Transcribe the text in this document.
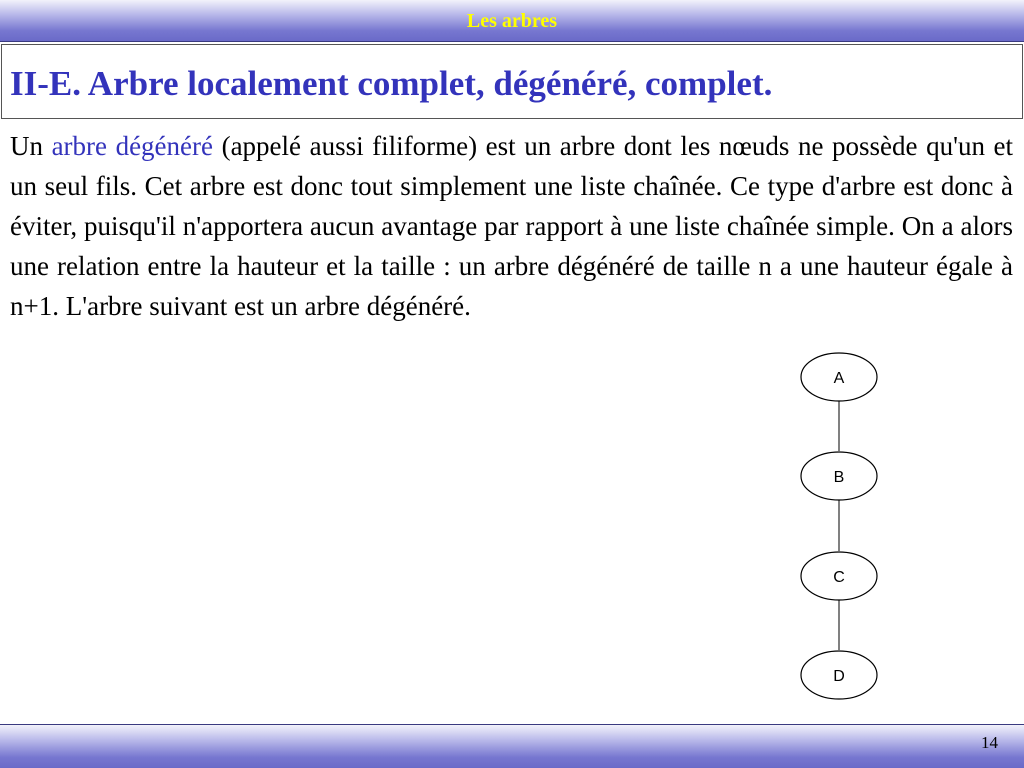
Les arbres
II-E. Arbre localement complet, dégénéré, complet.

Un arbre dégénéré (appelé aussi filiforme) est un arbre dont les nœuds ne possède qu'un et un seul fils. Cet arbre est donc tout simplement une liste chaînée. Ce type d'arbre est donc à éviter, puisqu'il n'apportera aucun avantage par rapport à une liste chaînée simple. On a alors une relation entre la hauteur et la taille : un arbre dégénéré de taille n a une hauteur égale à n+1. L'arbre suivant est un arbre dégénéré.

A
B
C
D
14
